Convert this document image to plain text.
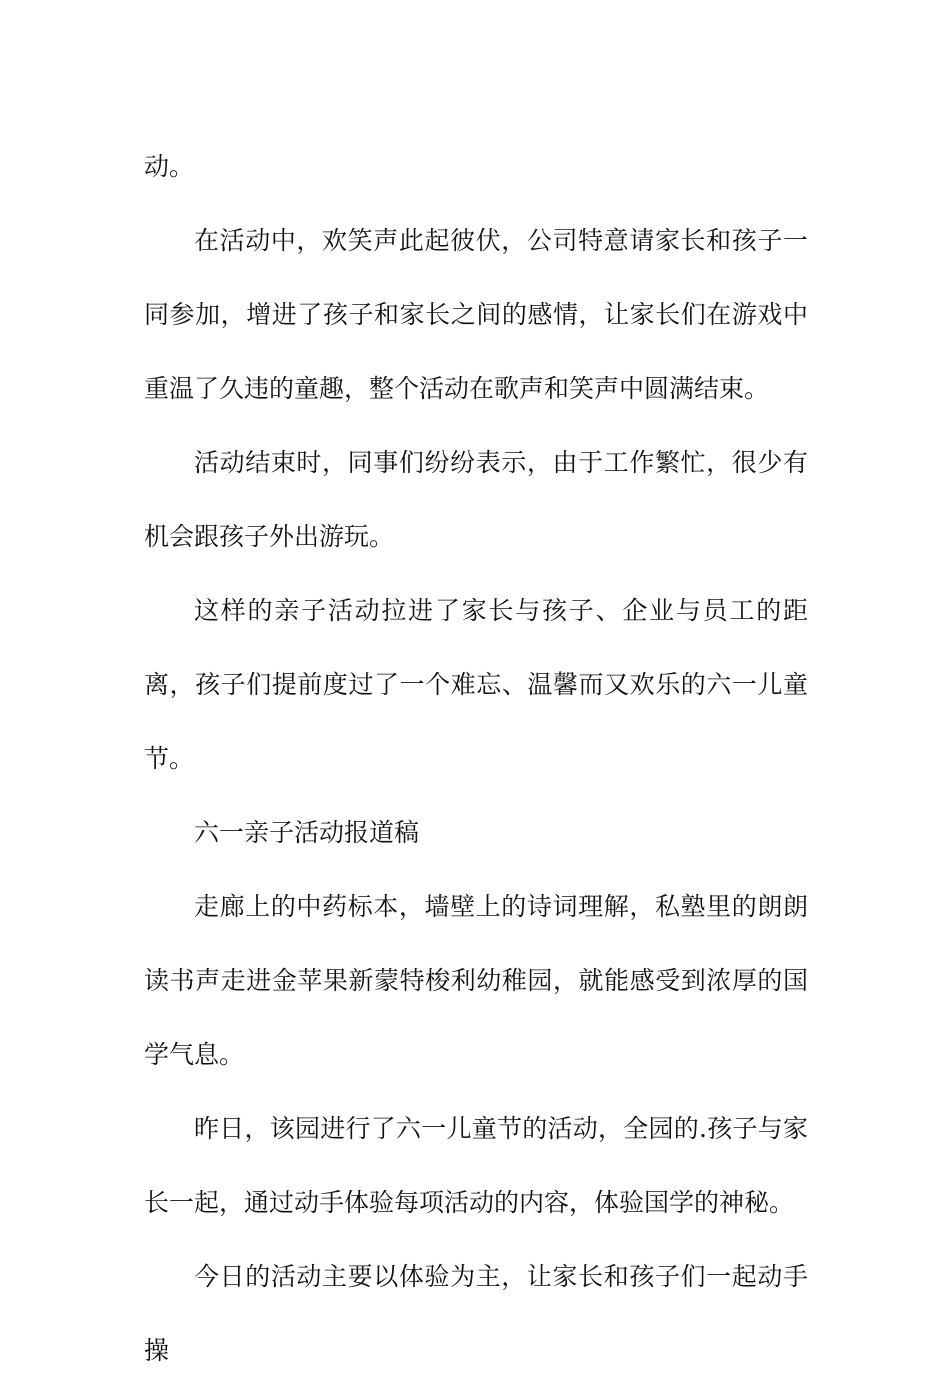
动。

在活动中，欢笑声此起彼伏，公司特意请家长和孩子一同参加，增进了孩子和家长之间的感情，让家长们在游戏中重温了久违的童趣，整个活动在歌声和笑声中圆满结束。

活动结束时，同事们纷纷表示，由于工作繁忙，很少有机会跟孩子外出游玩。

这样的亲子活动拉进了家长与孩子、企业与员工的距离，孩子们提前度过了一个难忘、温馨而又欢乐的六一儿童节。

六一亲子活动报道稿

走廊上的中药标本，墙壁上的诗词理解，私塾里的朗朗读书声走进金苹果新蒙特梭利幼稚园，就能感受到浓厚的国学气息。

昨日，该园进行了六一儿童节的活动，全园的.孩子与家长一起，通过动手体验每项活动的内容，体验国学的神秘。

今日的活动主要以体验为主，让家长和孩子们一起动手操
